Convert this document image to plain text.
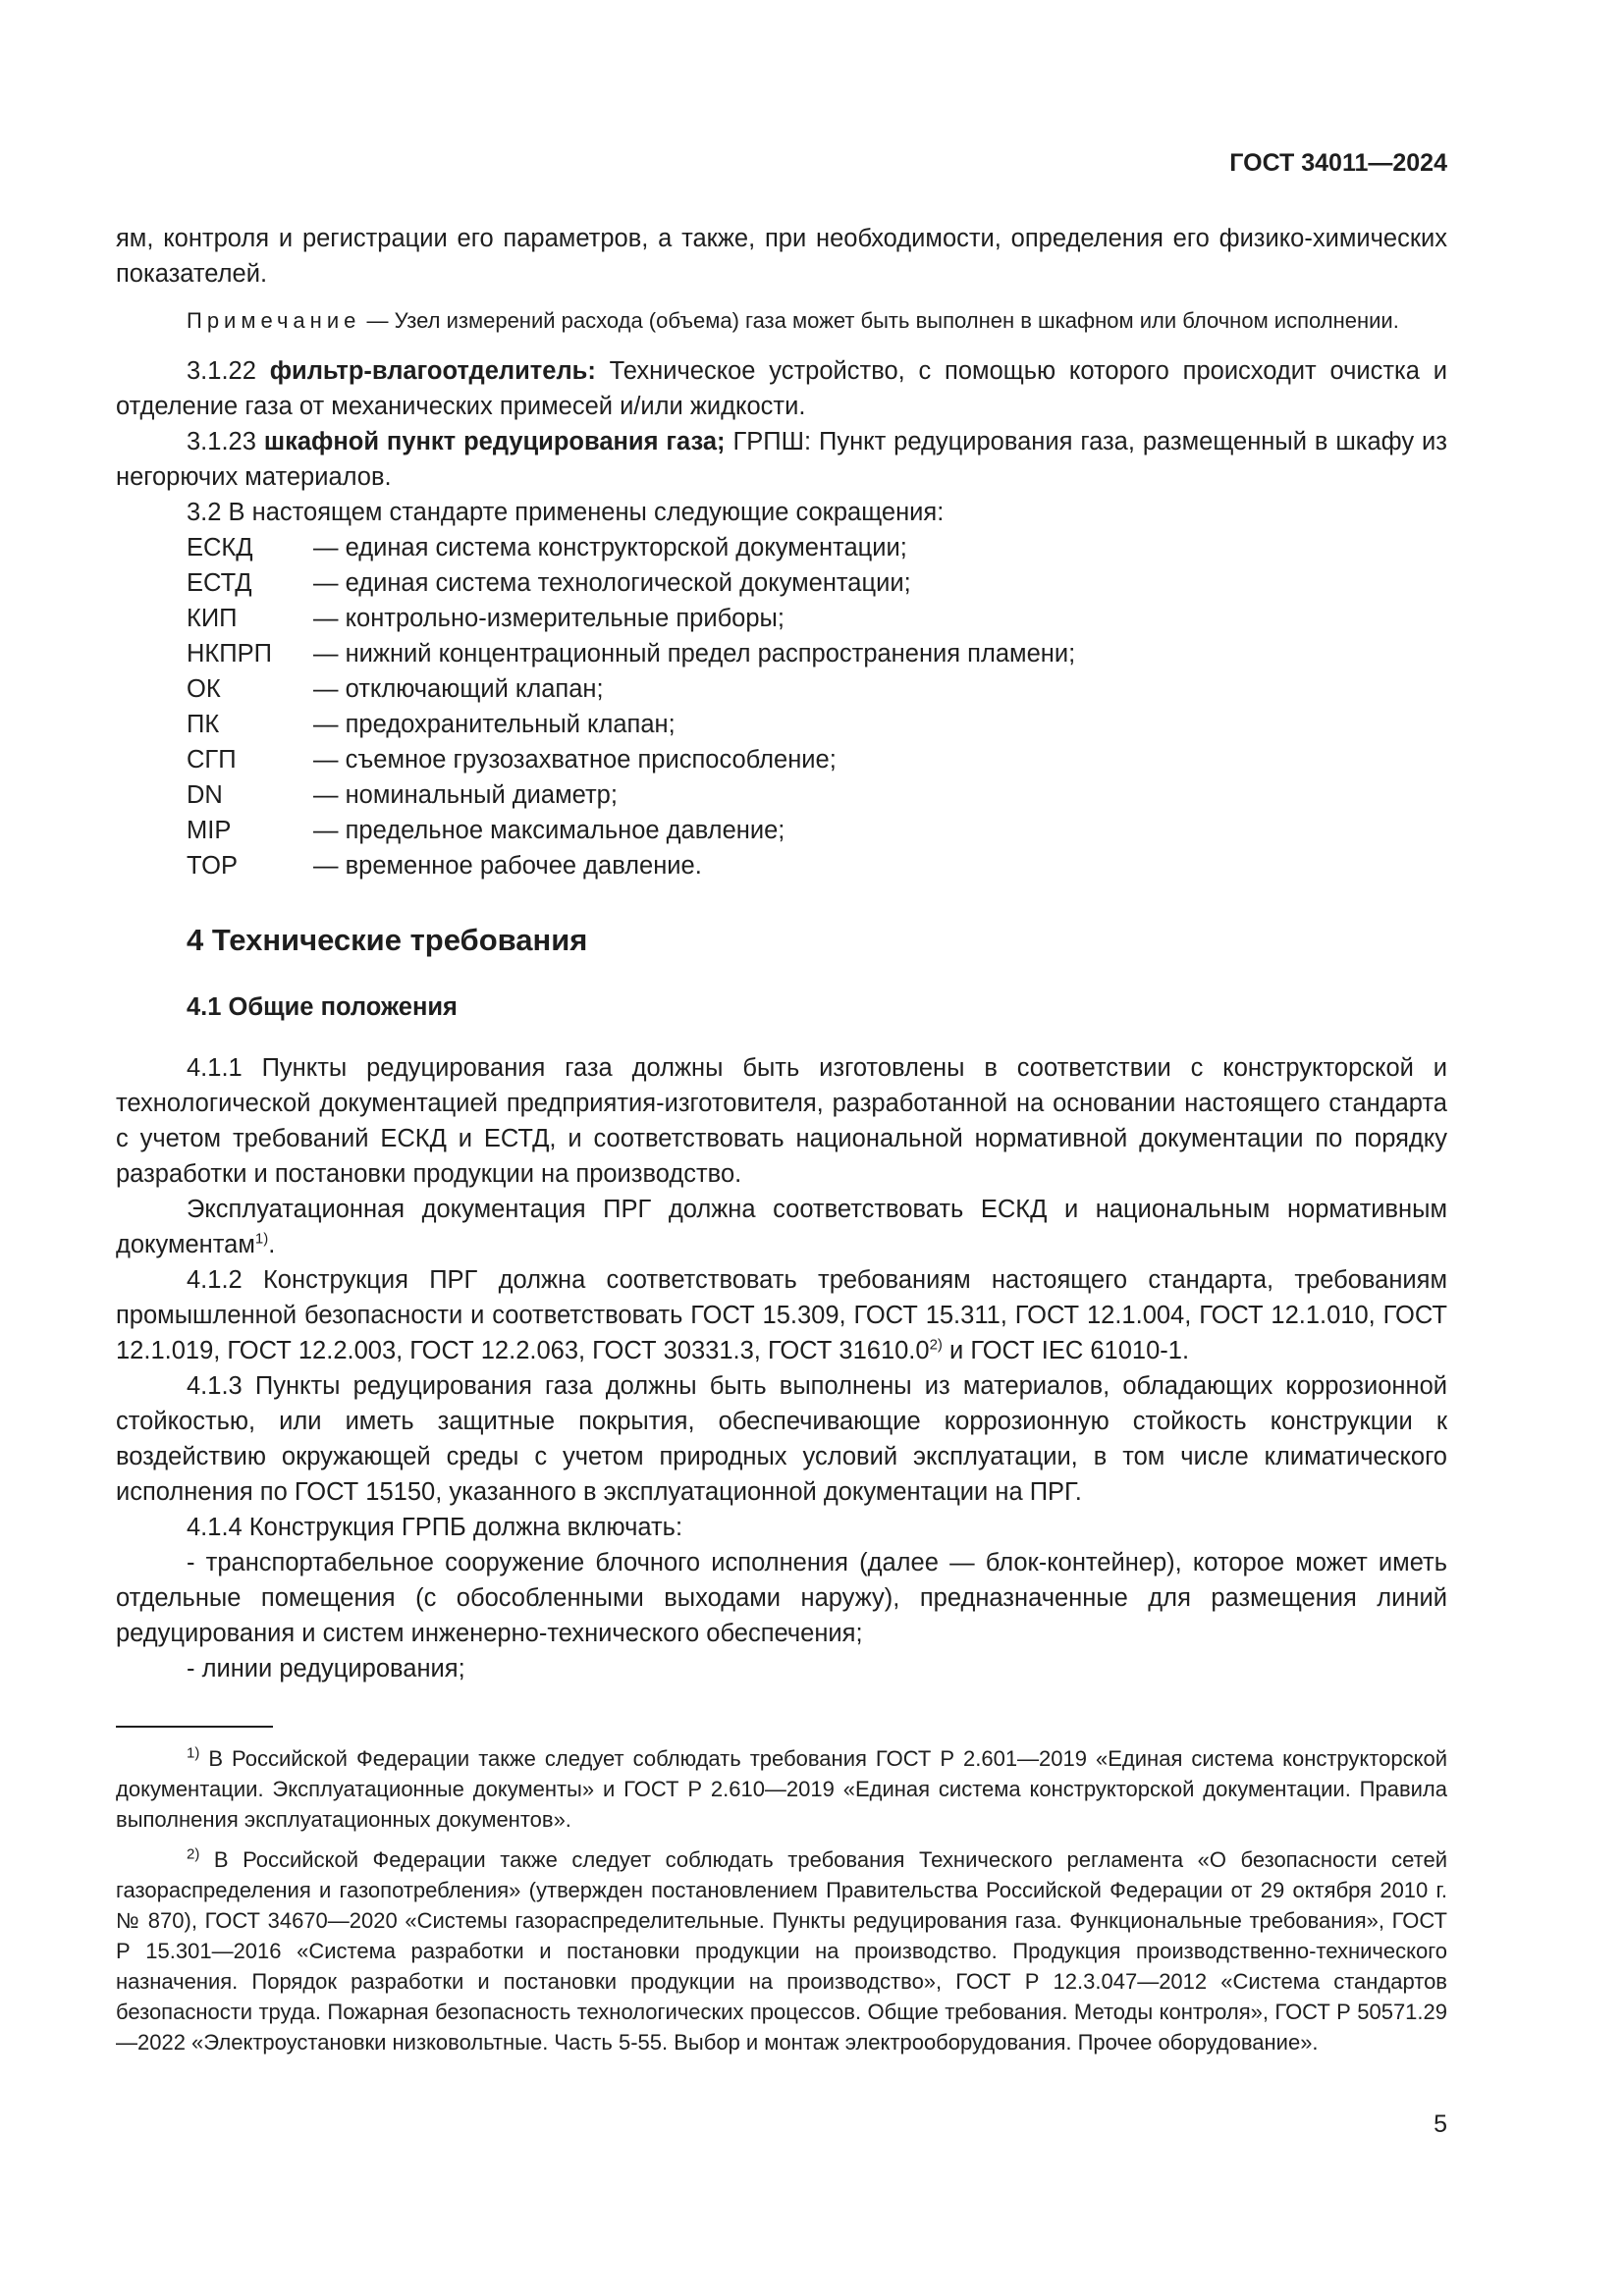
ГОСТ 34011—2024

ям, контроля и регистрации его параметров, а также, при необходимости, определения его физико-химических показателей.

Примечание — Узел измерений расхода (объема) газа может быть выполнен в шкафном или блочном исполнении.

3.1.22 фильтр-влагоотделитель: Техническое устройство, с помощью которого происходит очистка и отделение газа от механических примесей и/или жидкости.

3.1.23 шкафной пункт редуцирования газа; ГРПШ: Пункт редуцирования газа, размещенный в шкафу из негорючих материалов.

3.2 В настоящем стандарте применены следующие сокращения:

ЕСКД	— единая система конструкторской документации;
ЕСТД	— единая система технологической документации;
КИП	— контрольно-измерительные приборы;
НКПРП	— нижний концентрационный предел распространения пламени;
ОК	— отключающий клапан;
ПК	— предохранительный клапан;
СГП	— съемное грузозахватное приспособление;
DN	— номинальный диаметр;
MIP	— предельное максимальное давление;
TOP	— временное рабочее давление.
4 Технические требования
4.1 Общие положения

4.1.1 Пункты редуцирования газа должны быть изготовлены в соответствии с конструкторской и технологической документацией предприятия-изготовителя, разработанной на основании настоящего стандарта с учетом требований ЕСКД и ЕСТД, и соответствовать национальной нормативной документации по порядку разработки и постановки продукции на производство.

Эксплуатационная документация ПРГ должна соответствовать ЕСКД и национальным нормативным документам$^{1)}$.

4.1.2 Конструкция ПРГ должна соответствовать требованиям настоящего стандарта, требованиям промышленной безопасности и соответствовать ГОСТ 15.309, ГОСТ 15.311, ГОСТ 12.1.004, ГОСТ 12.1.010, ГОСТ 12.1.019, ГОСТ 12.2.003, ГОСТ 12.2.063, ГОСТ 30331.3, ГОСТ 31610.0$^{2)}$ и ГОСТ IEC 61010-1.

4.1.3 Пункты редуцирования газа должны быть выполнены из материалов, обладающих коррозионной стойкостью, или иметь защитные покрытия, обеспечивающие коррозионную стойкость конструкции к воздействию окружающей среды с учетом природных условий эксплуатации, в том числе климатического исполнения по ГОСТ 15150, указанного в эксплуатационной документации на ПРГ.

4.1.4 Конструкция ГРПБ должна включать:

- транспортабельное сооружение блочного исполнения (далее — блок-контейнер), которое может иметь отдельные помещения (с обособленными выходами наружу), предназначенные для размещения линий редуцирования и систем инженерно-технического обеспечения;

- линии редуцирования;

$^{1)}$ В Российской Федерации также следует соблюдать требования ГОСТ Р 2.601—2019 «Единая система конструкторской документации. Эксплуатационные документы» и ГОСТ Р 2.610—2019 «Единая система конструкторской документации. Правила выполнения эксплуатационных документов».

$^{2)}$ В Российской Федерации также следует соблюдать требования Технического регламента «О безопасности сетей газораспределения и газопотребления» (утвержден постановлением Правительства Российской Федерации от 29 октября 2010 г. № 870), ГОСТ 34670—2020 «Системы газораспределительные. Пункты редуцирования газа. Функциональные требования», ГОСТ Р 15.301—2016 «Система разработки и постановки продукции на производство. Продукция производственно-технического назначения. Порядок разработки и постановки продукции на производство», ГОСТ Р 12.3.047—2012 «Система стандартов безопасности труда. Пожарная безопасность технологических процессов. Общие требования. Методы контроля», ГОСТ Р 50571.29—2022 «Электроустановки низковольтные. Часть 5-55. Выбор и монтаж электрооборудования. Прочее оборудование».

5
